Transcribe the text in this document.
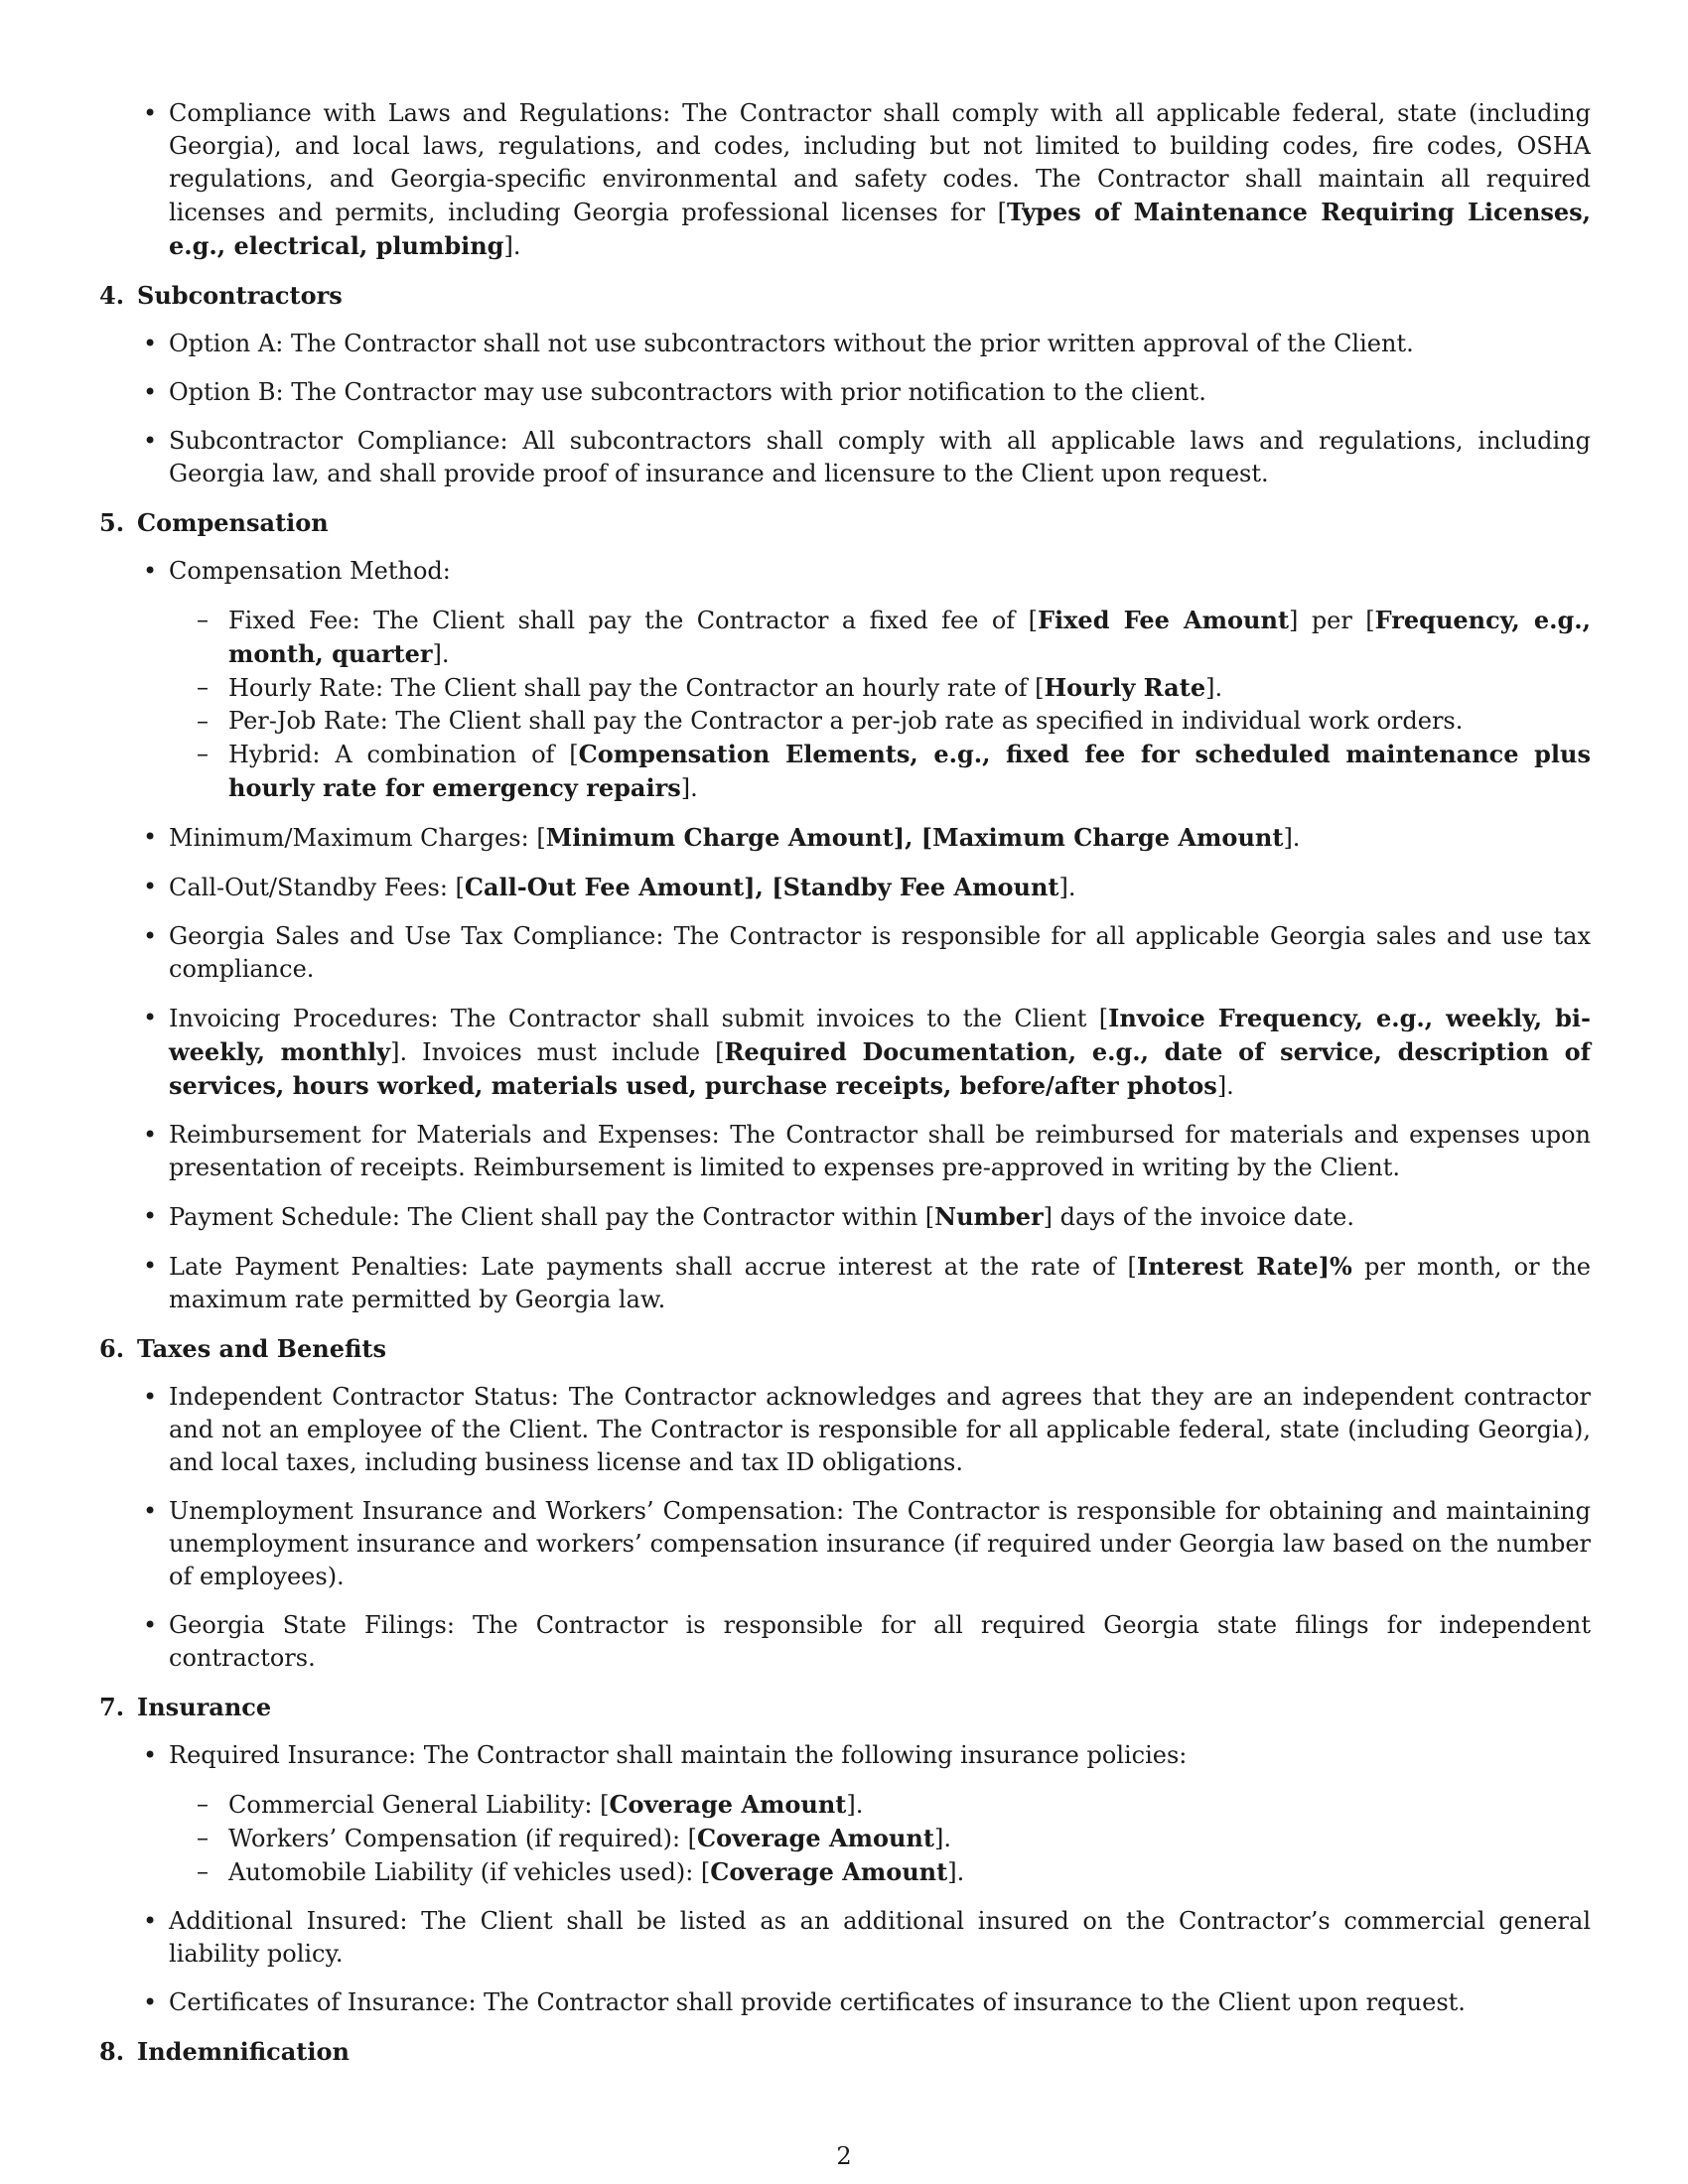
• Compliance with Laws and Regulations: The Contractor shall comply with all applicable federal, state (including Georgia), and local laws, regulations, and codes, including but not limited to building codes, fire codes, OSHA regulations, and Georgia-specific environmental and safety codes. The Contractor shall maintain all required licenses and permits, including Georgia professional licenses for [Types of Maintenance Requiring Licenses, e.g., electrical, plumbing].

4. Subcontractors

• Option A: The Contractor shall not use subcontractors without the prior written approval of the Client.

• Option B: The Contractor may use subcontractors with prior notification to the client.

• Subcontractor Compliance: All subcontractors shall comply with all applicable laws and regulations, including Georgia law, and shall provide proof of insurance and licensure to the Client upon request.

5. Compensation

• Compensation Method:

– Fixed Fee: The Client shall pay the Contractor a fixed fee of [Fixed Fee Amount] per [Frequency, e.g., month, quarter].

– Hourly Rate: The Client shall pay the Contractor an hourly rate of [Hourly Rate].

– Per-Job Rate: The Client shall pay the Contractor a per-job rate as specified in individual work orders.

– Hybrid: A combination of [Compensation Elements, e.g., fixed fee for scheduled maintenance plus hourly rate for emergency repairs].

• Minimum/Maximum Charges: [Minimum Charge Amount], [Maximum Charge Amount].

• Call-Out/Standby Fees: [Call-Out Fee Amount], [Standby Fee Amount].

• Georgia Sales and Use Tax Compliance: The Contractor is responsible for all applicable Georgia sales and use tax compliance.

• Invoicing Procedures: The Contractor shall submit invoices to the Client [Invoice Frequency, e.g., weekly, bi-weekly, monthly]. Invoices must include [Required Documentation, e.g., date of service, description of services, hours worked, materials used, purchase receipts, before/after photos].

• Reimbursement for Materials and Expenses: The Contractor shall be reimbursed for materials and expenses upon presentation of receipts. Reimbursement is limited to expenses pre-approved in writing by the Client.

• Payment Schedule: The Client shall pay the Contractor within [Number] days of the invoice date.

• Late Payment Penalties: Late payments shall accrue interest at the rate of [Interest Rate]% per month, or the maximum rate permitted by Georgia law.

6. Taxes and Benefits

• Independent Contractor Status: The Contractor acknowledges and agrees that they are an independent contractor and not an employee of the Client. The Contractor is responsible for all applicable federal, state (including Georgia), and local taxes, including business license and tax ID obligations.

• Unemployment Insurance and Workers’ Compensation: The Contractor is responsible for obtaining and maintaining unemployment insurance and workers’ compensation insurance (if required under Georgia law based on the number of employees).

• Georgia State Filings: The Contractor is responsible for all required Georgia state filings for independent contractors.

7. Insurance

• Required Insurance: The Contractor shall maintain the following insurance policies:

– Commercial General Liability: [Coverage Amount].

– Workers’ Compensation (if required): [Coverage Amount].

– Automobile Liability (if vehicles used): [Coverage Amount].

• Additional Insured: The Client shall be listed as an additional insured on the Contractor’s commercial general liability policy.

• Certificates of Insurance: The Contractor shall provide certificates of insurance to the Client upon request.

8. Indemnification
2
